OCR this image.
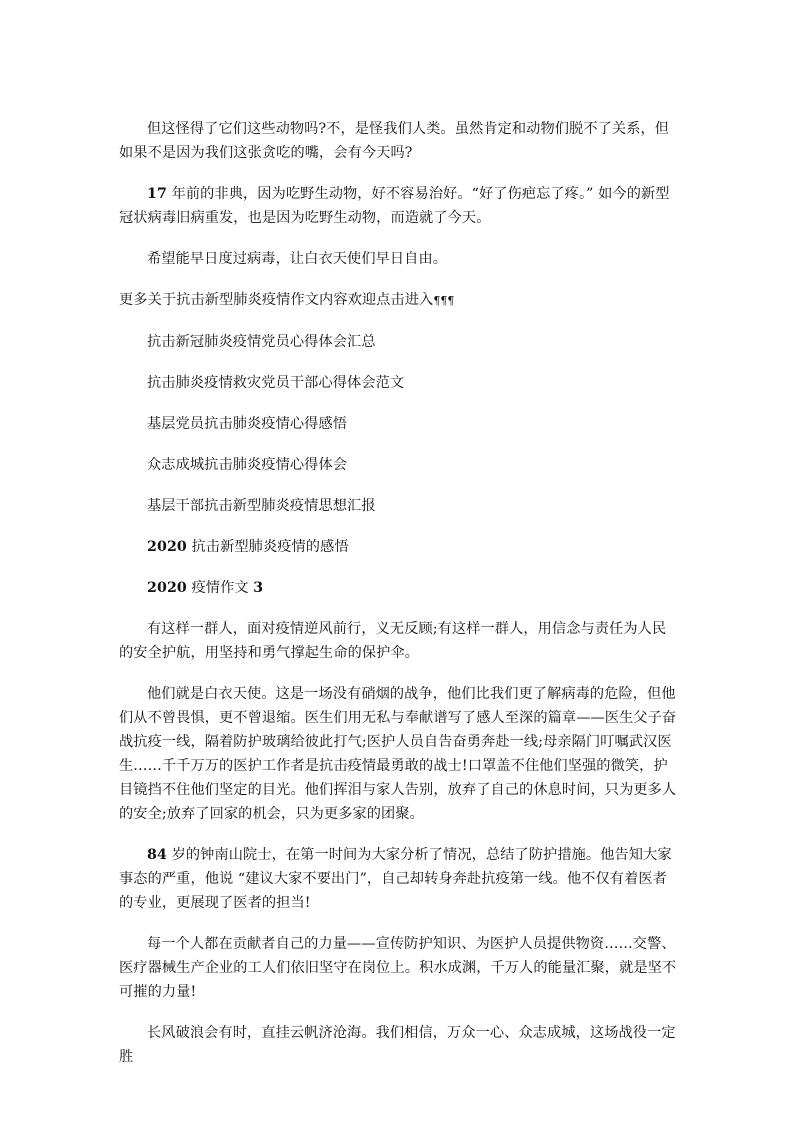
但这怪得了它们这些动物吗?不，是怪我们人类。虽然肯定和动物们脱不了关系，但如果不是因为我们这张贪吃的嘴，会有今天吗?

17 年前的非典，因为吃野生动物，好不容易治好。“好了伤疤忘了疼。” 如今的新型冠状病毒旧病重发，也是因为吃野生动物，而造就了今天。

希望能早日度过病毒，让白衣天使们早日自由。

更多关于抗击新型肺炎疫情作文内容欢迎点击进入¶¶¶

抗击新冠肺炎疫情党员心得体会汇总

抗击肺炎疫情救灾党员干部心得体会范文

基层党员抗击肺炎疫情心得感悟

众志成城抗击肺炎疫情心得体会

基层干部抗击新型肺炎疫情思想汇报

2020 抗击新型肺炎疫情的感悟

2020 疫情作文 3

有这样一群人，面对疫情逆风前行，义无反顾;有这样一群人，用信念与责任为人民的安全护航，用坚持和勇气撑起生命的保护伞。

他们就是白衣天使。这是一场没有硝烟的战争，他们比我们更了解病毒的危险，但他们从不曾畏惧，更不曾退缩。医生们用无私与奉献谱写了感人至深的篇章——医生父子奋战抗疫一线，隔着防护玻璃给彼此打气;医护人员自告奋勇奔赴一线;母亲隔门叮嘱武汉医生……千千万万的医护工作者是抗击疫情最勇敢的战士!口罩盖不住他们坚强的微笑，护目镜挡不住他们坚定的目光。他们挥泪与家人告别，放弃了自己的休息时间，只为更多人的安全;放弃了回家的机会，只为更多家的团聚。

84 岁的钟南山院士，在第一时间为大家分析了情况，总结了防护措施。他告知大家事态的严重，他说 “建议大家不要出门”，自己却转身奔赴抗疫第一线。他不仅有着医者的专业，更展现了医者的担当!

每一个人都在贡献者自己的力量——宣传防护知识、为医护人员提供物资……交警、医疗器械生产企业的工人们依旧坚守在岗位上。积水成渊，千万人的能量汇聚，就是坚不可摧的力量!

长风破浪会有时，直挂云帆济沧海。我们相信，万众一心、众志成城，这场战役一定胜
